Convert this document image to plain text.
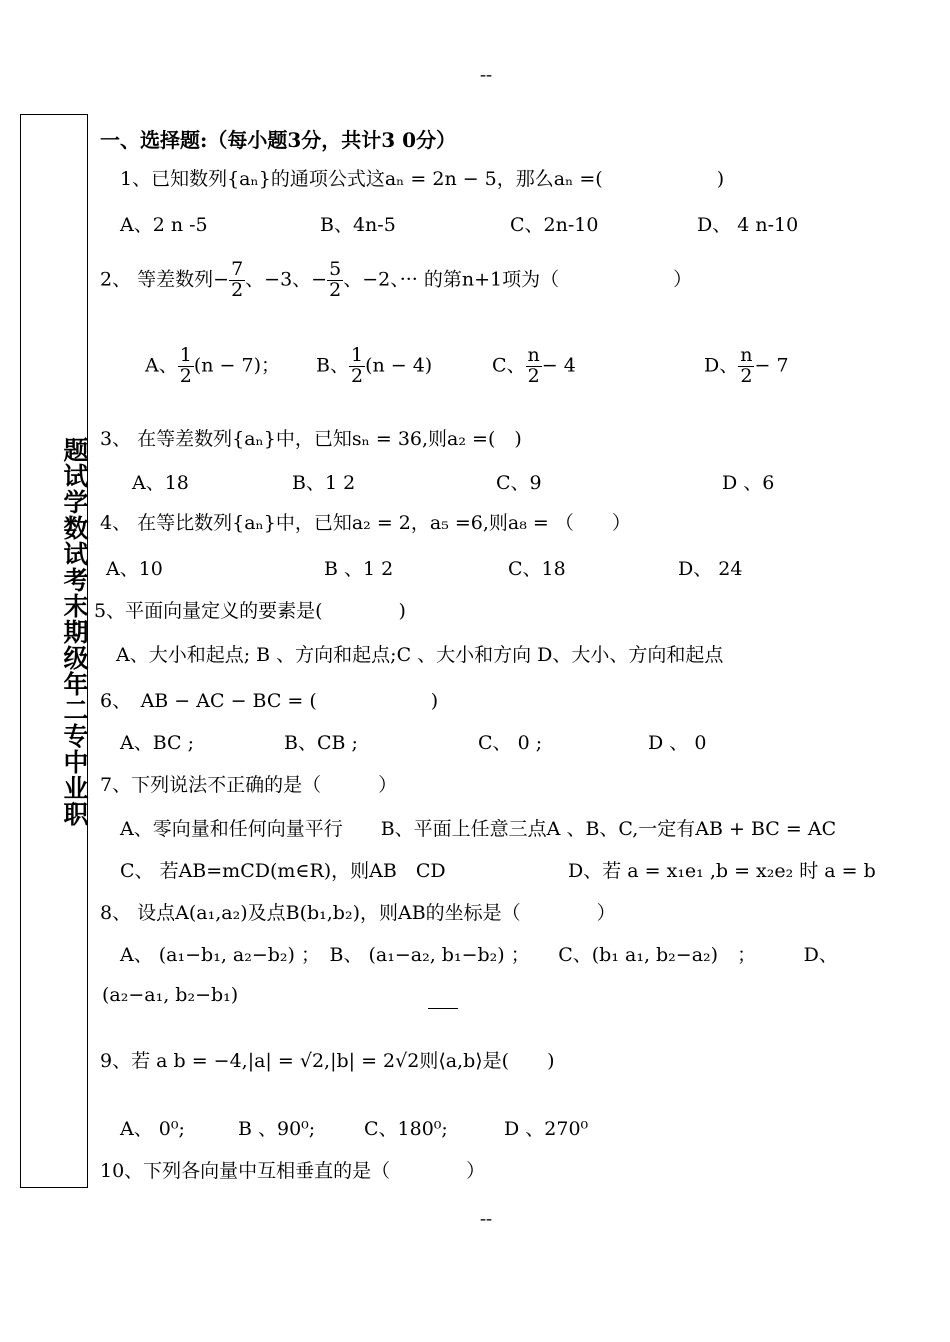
--
--
题试学数试考末期级年二专中业职
一、选择题:（每小题3分，共计3 0分）
1、已知数列{aₙ}的通项公式这aₙ = 2n − 5，那么aₙ =(　　　　　　)
A、2 n -5	B、4n-5	C、2n-10	D、 4 n-10
2、 等差数列− $\frac{7}{2}$ 、−3、− $\frac{5}{2}$ 、−2、··· 的第n+1项为（　　　　　　）
A、 $\frac{1}{2} (n - 7)$； B、 $\frac{1}{2} (n - 4)$	C、 $\frac{n}{2} - 4$	D、 $\frac{n}{2} - 7$
3、 在等差数列{aₙ}中，已知sₙ = 36,则a₂ =(　)
A、18	B、1 2	C、9	D 、6
4、 在等比数列{aₙ}中，已知a₂ = 2，a₅ =6,则a₈ = （　　）
A、10	B 、1 2	C、18	D、 24
5、平面向量定义的要素是(　　　　)
A、大小和起点; B 、方向和起点;C 、大小和方向 D、大小、方向和起点
6、　AB − AC − BC = (　　　　　　)
A、BC ;	B、CB ;	C、 0 ;	D 、 0
7、下列说法不正确的是（　　　）
A、零向量和任何向量平行　　B、平面上任意三点A 、B、C,一定有AB + BC = AC
C、 若AB=mCD(m∈R)，则AB　CD	D、若 a = x₁e₁ ,b = x₂e₂ 时 a = b
8、 设点A(a₁,a₂)及点B(b₁,b₂)，则AB的坐标是（　　　　）
A、 (a₁−b₁, a₂−b₂) ；　B、 (a₁−a₂, b₁−b₂) ；　　C、(b₁ a₁, b₂−a₂)　；　　　D、
(a₂−a₁, b₂−b₁)
9、若 a b = −4,|a| = √2,|b| = 2√2则⟨a,b⟩是(　　)
A、 0⁰;	B 、90⁰;	C、180⁰;	D 、270⁰
10、下列各向量中互相垂直的是（　　　　）
